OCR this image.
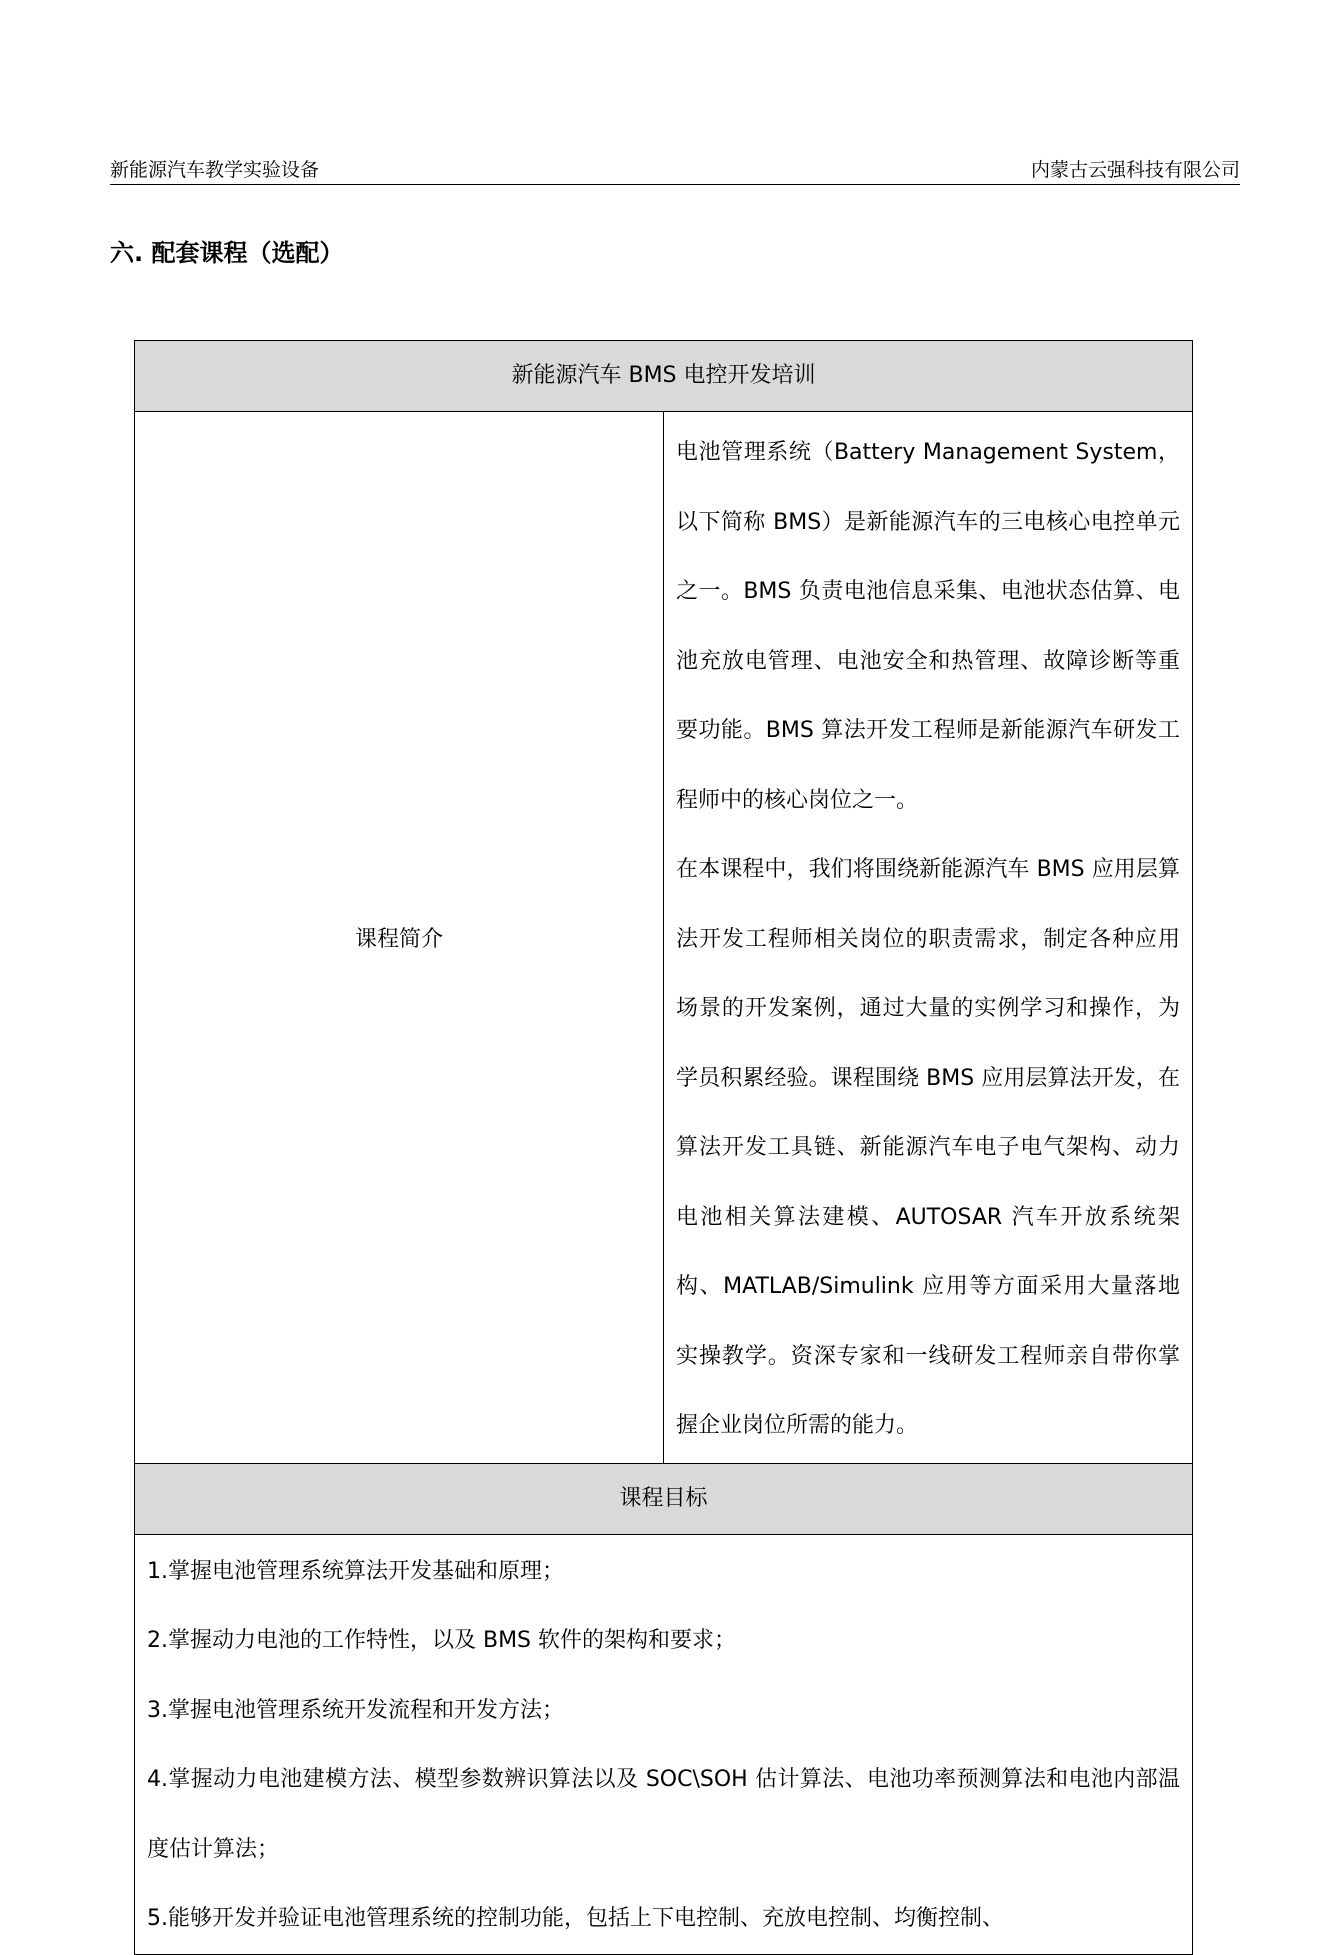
新能源汽车教学实验设备	内蒙古云强科技有限公司
六. 配套课程（选配）
新能源汽车 BMS 电控开发培训
课程简介	

电池管理系统（Battery Management System，以下简称 BMS）是新能源汽车的三电核心电控单元之一。BMS 负责电池信息采集、电池状态估算、电池充放电管理、电池安全和热管理、故障诊断等重要功能。BMS 算法开发工程师是新能源汽车研发工程师中的核心岗位之一。

在本课程中，我们将围绕新能源汽车 BMS 应用层算法开发工程师相关岗位的职责需求，制定各种应用场景的开发案例，通过大量的实例学习和操作，为学员积累经验。课程围绕 BMS 应用层算法开发，在算法开发工具链、新能源汽车电子电气架构、动力电池相关算法建模、AUTOSAR 汽车开放系统架构、MATLAB/Simulink 应用等方面采用大量落地实操教学。资深专家和一线研发工程师亲自带你掌握企业岗位所需的能力。

课程目标

1.掌握电池管理系统算法开发基础和原理；

2.掌握动力电池的工作特性，以及 BMS 软件的架构和要求；

3.掌握电池管理系统开发流程和开发方法；

4.掌握动力电池建模方法、模型参数辨识算法以及 SOC\SOH 估计算法、电池功率预测算法和电池内部温度估计算法；

5.能够开发并验证电池管理系统的控制功能，包括上下电控制、充放电控制、均衡控制、
